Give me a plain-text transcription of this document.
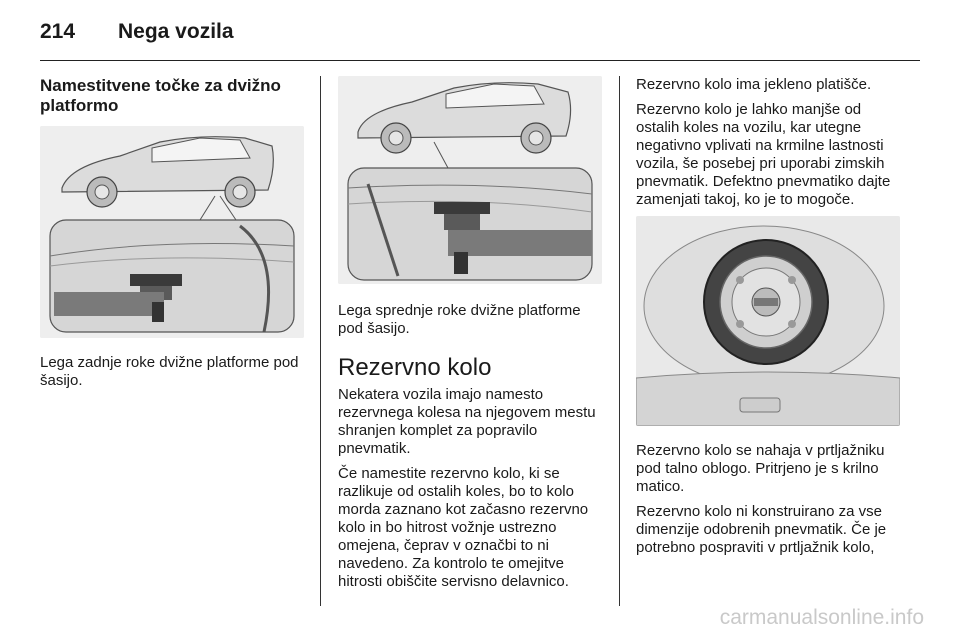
214 Nega vozila
Namestitvene točke za dvižno platformo

Lega zadnje roke dvižne platforme pod šasijo.

Lega sprednje roke dvižne platforme pod šasijo.

Rezervno kolo

Nekatera vozila imajo namesto rezervnega kolesa na njegovem mestu shranjen komplet za popravilo pnevmatik.

Če namestite rezervno kolo, ki se razlikuje od ostalih koles, bo to kolo morda zaznano kot začasno rezervno kolo in bo hitrost vožnje ustrezno omejena, čeprav v označbi to ni navedeno. Za kontrolo te omejitve hitrosti obiščite servisno delavnico.

Rezervno kolo ima jekleno platišče.

Rezervno kolo je lahko manjše od ostalih koles na vozilu, kar utegne negativno vplivati na krmilne lastnosti vozila, še posebej pri uporabi zimskih pnevmatik. Defektno pnevmatiko dajte zamenjati takoj, ko je to mogoče.

Rezervno kolo se nahaja v prtljažniku pod talno oblogo. Pritrjeno je s krilno matico.

Rezervno kolo ni konstruirano za vse dimenzije odobrenih pnevmatik. Če je potrebno pospraviti v prtljažnik kolo,

carmanualsonline.info
